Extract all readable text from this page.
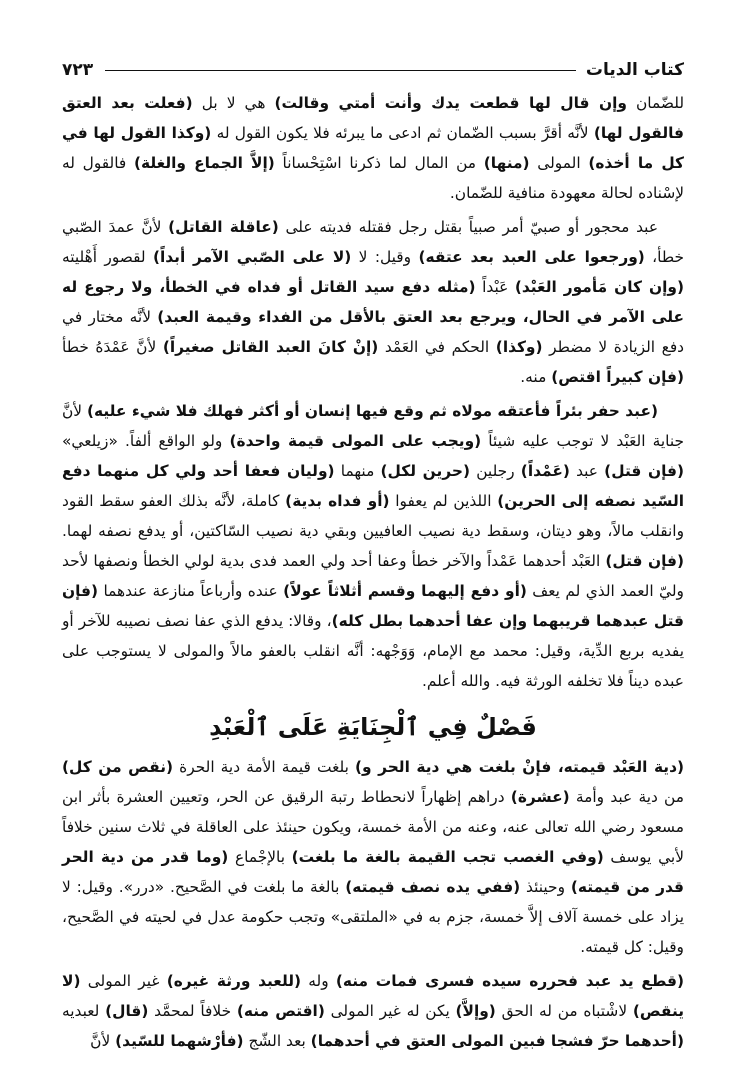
كتاب الديات
٧٢٣

للضّمان وإن قال لها قطعت يدك وأنت أمتي وقالت) هي لا بل (فعلت بعد العتق فالقول لها) لأنَّه أقرَّ بسبب الضّمان ثم ادعى ما يبرئه فلا يكون القول له (وكذا القول لها في كل ما أخذه) المولى (منها) من المال لما ذكرنا اسْتِحْساناً (إلاَّ الجماع والغلة) فالقول له لإسْناده لحالة معهودة منافية للضّمان.

عبد محجور أو صبيّ أمر صبياً بقتل رجل فقتله فديته على (عاقلة القاتل) لأنَّ عمدَ الصّبي خطأ، (ورجعوا على العبد بعد عتقه) وقيل: لا (لا على الصّبي الآمر أبداً) لقصور أَهْليته (وإن كان مَأمور العَبْد) عَبْداً (مثله دفع سيد القاتل أو فداه في الخطأ، ولا رجوع له على الآمر في الحال، ويرجع بعد العتق بالأقل من الفداء وقيمة العبد) لأنَّه مختار في دفع الزيادة لا مضطر (وكذا) الحكم في العَمْد (إنْ كانَ العبد القاتل صغيراً) لأنَّ عَمْدَهُ خطأ (فإن كبيراً اقتص) منه.

(عبد حفر بئراً فأعتقه مولاه ثم وقع فيها إنسان أو أكثر فهلك فلا شيء عليه) لأنَّ جناية العَبْد لا توجب عليه شيئاً (ويجب على المولى قيمة واحدة) ولو الواقع ألفاً. «زيلعي» (فإن قتل) عبد (عَمْداً) رجلين (حرين لكل) منهما (وليان فعفا أحد ولي كل منهما دفع السّيد نصفه إلى الحرين) اللذين لم يعفوا (أو فداه بدية) كاملة، لأنَّه بذلك العفو سقط القود وانقلب مالاً، وهو ديتان، وسقط دية نصيب العافيين وبقي دية نصيب السّاكتين، أو يدفع نصفه لهما. (فإن قتل) العَبْد أحدهما عَمْداً والآخر خطأ وعفا أحد ولي العمد فدى بدية لولي الخطأ ونصفها لأحد وليّ العمد الذي لم يعف (أو دفع إليهما وقسم أثلاثاً عولاً) عنده وأرباعاً منازعة عندهما (فإن قتل عبدهما قريبهما وإن عفا أحدهما بطل كله)، وقالا: يدفع الذي عفا نصف نصيبه للآخر أو يفديه بربع الدِّية، وقيل: محمد مع الإمام، وَوَجْهه: أنَّه انقلب بالعفو مالاً والمولى لا يستوجب على عبده ديناً فلا تخلفه الورثة فيه. والله أعلم.

فَصْلٌ فِي ٱلْجِنَايَةِ عَلَى ٱلْعَبْدِ

(دية العَبْد قيمته، فإنْ بلغت هي دية الحر و) بلغت قيمة الأمة دية الحرة (نقص من كل) من دية عبد وأمة (عشرة) دراهم إظهاراً لانحطاط رتبة الرقيق عن الحر، وتعيين العشرة بأثر ابن مسعود رضي الله تعالى عنه، وعنه من الأمة خمسة، ويكون حينئذ على العاقلة في ثلاث سنين خلافاً لأبي يوسف (وفي الغصب تجب القيمة بالغة ما بلغت) بالإجْماع (وما قدر من دية الحر قدر من قيمته) وحينئذ (ففي يده نصف قيمته) بالغة ما بلغت في الصَّحيح. «درر». وقيل: لا يزاد على خمسة آلاف إلاَّ خمسة، جزم به في «الملتقى» وتجب حكومة عدل في لحيته في الصَّحيح، وقيل: كل قيمته.

(قطع يد عبد فحرره سيده فسرى فمات منه) وله (للعبد ورثة غيره) غير المولى (لا ينقص) لاشْتباه من له الحق (وإلاَّ) يكن له غير المولى (اقتص منه) خلافاً لمحمَّد (قال) لعبديه (أحدهما حرّ فشجا فبين المولى العتق في أحدهما) بعد الشّج (فأرْشهما للسّيد) لأنَّ
